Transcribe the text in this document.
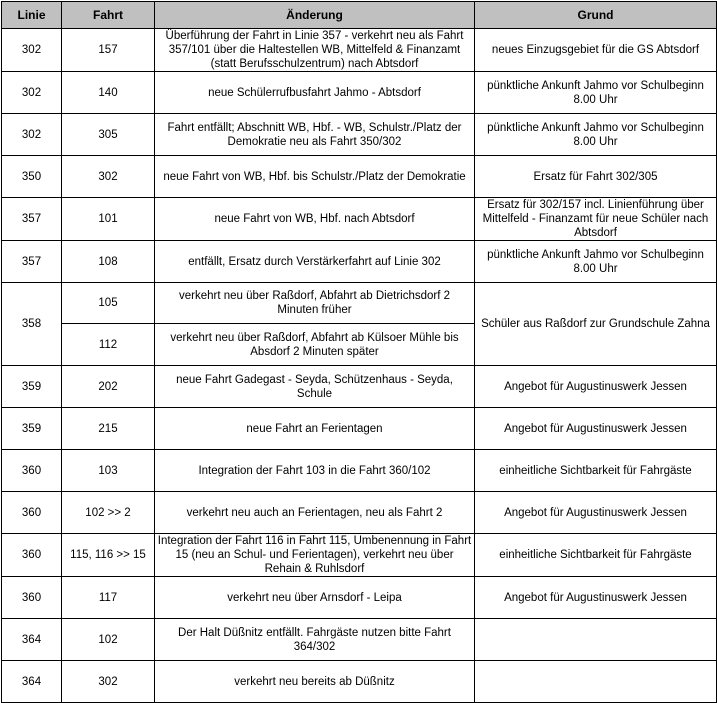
Linie	Fahrt	Änderung	Grund
302	157	Überführung der Fahrt in Linie 357 - verkehrt neu als Fahrt 357/101 über die Haltestellen WB, Mittelfeld & Finanzamt (statt Berufsschulzentrum) nach Abtsdorf	neues Einzugsgebiet für die GS Abtsdorf
302	140	neue Schülerrufbusfahrt Jahmo - Abtsdorf	pünktliche Ankunft Jahmo vor Schulbeginn 8.00 Uhr
302	305	Fahrt entfällt; Abschnitt WB, Hbf. - WB, Schulstr./Platz der Demokratie neu als Fahrt 350/302	pünktliche Ankunft Jahmo vor Schulbeginn 8.00 Uhr
350	302	neue Fahrt von WB, Hbf. bis Schulstr./Platz der Demokratie	Ersatz für Fahrt 302/305
357	101	neue Fahrt von WB, Hbf. nach Abtsdorf	Ersatz für 302/157 incl. Linienführung über Mittelfeld - Finanzamt für neue Schüler nach Abtsdorf
357	108	entfällt, Ersatz durch Verstärkerfahrt auf Linie 302	pünktliche Ankunft Jahmo vor Schulbeginn 8.00 Uhr
358	105	verkehrt neu über Raßdorf, Abfahrt ab Dietrichsdorf 2 Minuten früher	Schüler aus Raßdorf zur Grundschule Zahna
	112	verkehrt neu über Raßdorf, Abfahrt ab Külsoer Mühle bis Absdorf 2 Minuten später	
359	202	neue Fahrt Gadegast - Seyda, Schützenhaus - Seyda, Schule	Angebot für Augustinuswerk Jessen
359	215	neue Fahrt an Ferientagen	Angebot für Augustinuswerk Jessen
360	103	Integration der Fahrt 103 in die Fahrt 360/102	einheitliche Sichtbarkeit für Fahrgäste
360	102 >> 2	verkehrt neu auch an Ferientagen, neu als Fahrt 2	Angebot für Augustinuswerk Jessen
360	115, 116 >> 15	Integration der Fahrt 116 in Fahrt 115, Umbenennung in Fahrt 15 (neu an Schul- und Ferientagen), verkehrt neu über Rehain & Ruhlsdorf	einheitliche Sichtbarkeit für Fahrgäste
360	117	verkehrt neu über Arnsdorf - Leipa	Angebot für Augustinuswerk Jessen
364	102	Der Halt Düßnitz entfällt. Fahrgäste nutzen bitte Fahrt 364/302	
364	302	verkehrt neu bereits ab Düßnitz	
